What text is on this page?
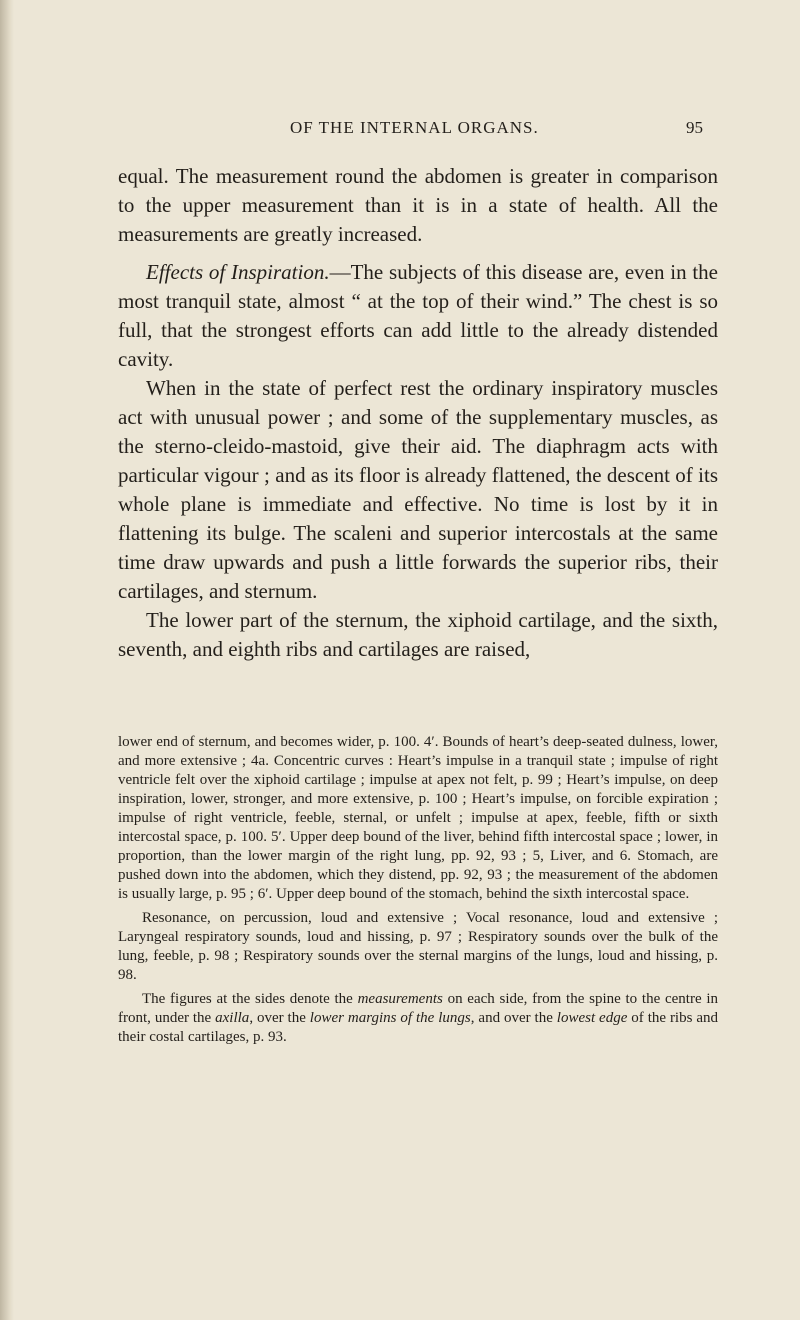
OF THE INTERNAL ORGANS.	95

equal. The measurement round the abdomen is greater in comparison to the upper measurement than it is in a state of health. All the measurements are greatly increased.

Effects of Inspiration.—The subjects of this disease are, even in the most tranquil state, almost “ at the top of their wind.” The chest is so full, that the strongest efforts can add little to the already distended cavity.

When in the state of perfect rest the ordinary inspiratory muscles act with unusual power ; and some of the supplementary muscles, as the sterno-cleido-mastoid, give their aid. The diaphragm acts with particular vigour ; and as its floor is already flattened, the descent of its whole plane is immediate and effective. No time is lost by it in flattening its bulge. The scaleni and superior intercostals at the same time draw upwards and push a little forwards the superior ribs, their cartilages, and sternum.

The lower part of the sternum, the xiphoid cartilage, and the sixth, seventh, and eighth ribs and cartilages are raised,

lower end of sternum, and becomes wider, p. 100. 4′. Bounds of heart’s deep-seated dulness, lower, and more extensive ; 4a. Concentric curves : Heart’s impulse in a tranquil state ; impulse of right ventricle felt over the xiphoid cartilage ; impulse at apex not felt, p. 99 ; Heart’s impulse, on deep inspiration, lower, stronger, and more extensive, p. 100 ; Heart’s impulse, on forcible expiration ; impulse of right ventricle, feeble, sternal, or unfelt ; impulse at apex, feeble, fifth or sixth intercostal space, p. 100. 5′. Upper deep bound of the liver, behind fifth intercostal space ; lower, in proportion, than the lower margin of the right lung, pp. 92, 93 ; 5, Liver, and 6. Stomach, are pushed down into the abdomen, which they distend, pp. 92, 93 ; the measurement of the abdomen is usually large, p. 95 ; 6′. Upper deep bound of the stomach, behind the sixth intercostal space.

Resonance, on percussion, loud and extensive ; Vocal resonance, loud and extensive ; Laryngeal respiratory sounds, loud and hissing, p. 97 ; Respiratory sounds over the bulk of the lung, feeble, p. 98 ; Respiratory sounds over the sternal margins of the lungs, loud and hissing, p. 98.

The figures at the sides denote the measurements on each side, from the spine to the centre in front, under the axilla, over the lower margins of the lungs, and over the lowest edge of the ribs and their costal cartilages, p. 93.
